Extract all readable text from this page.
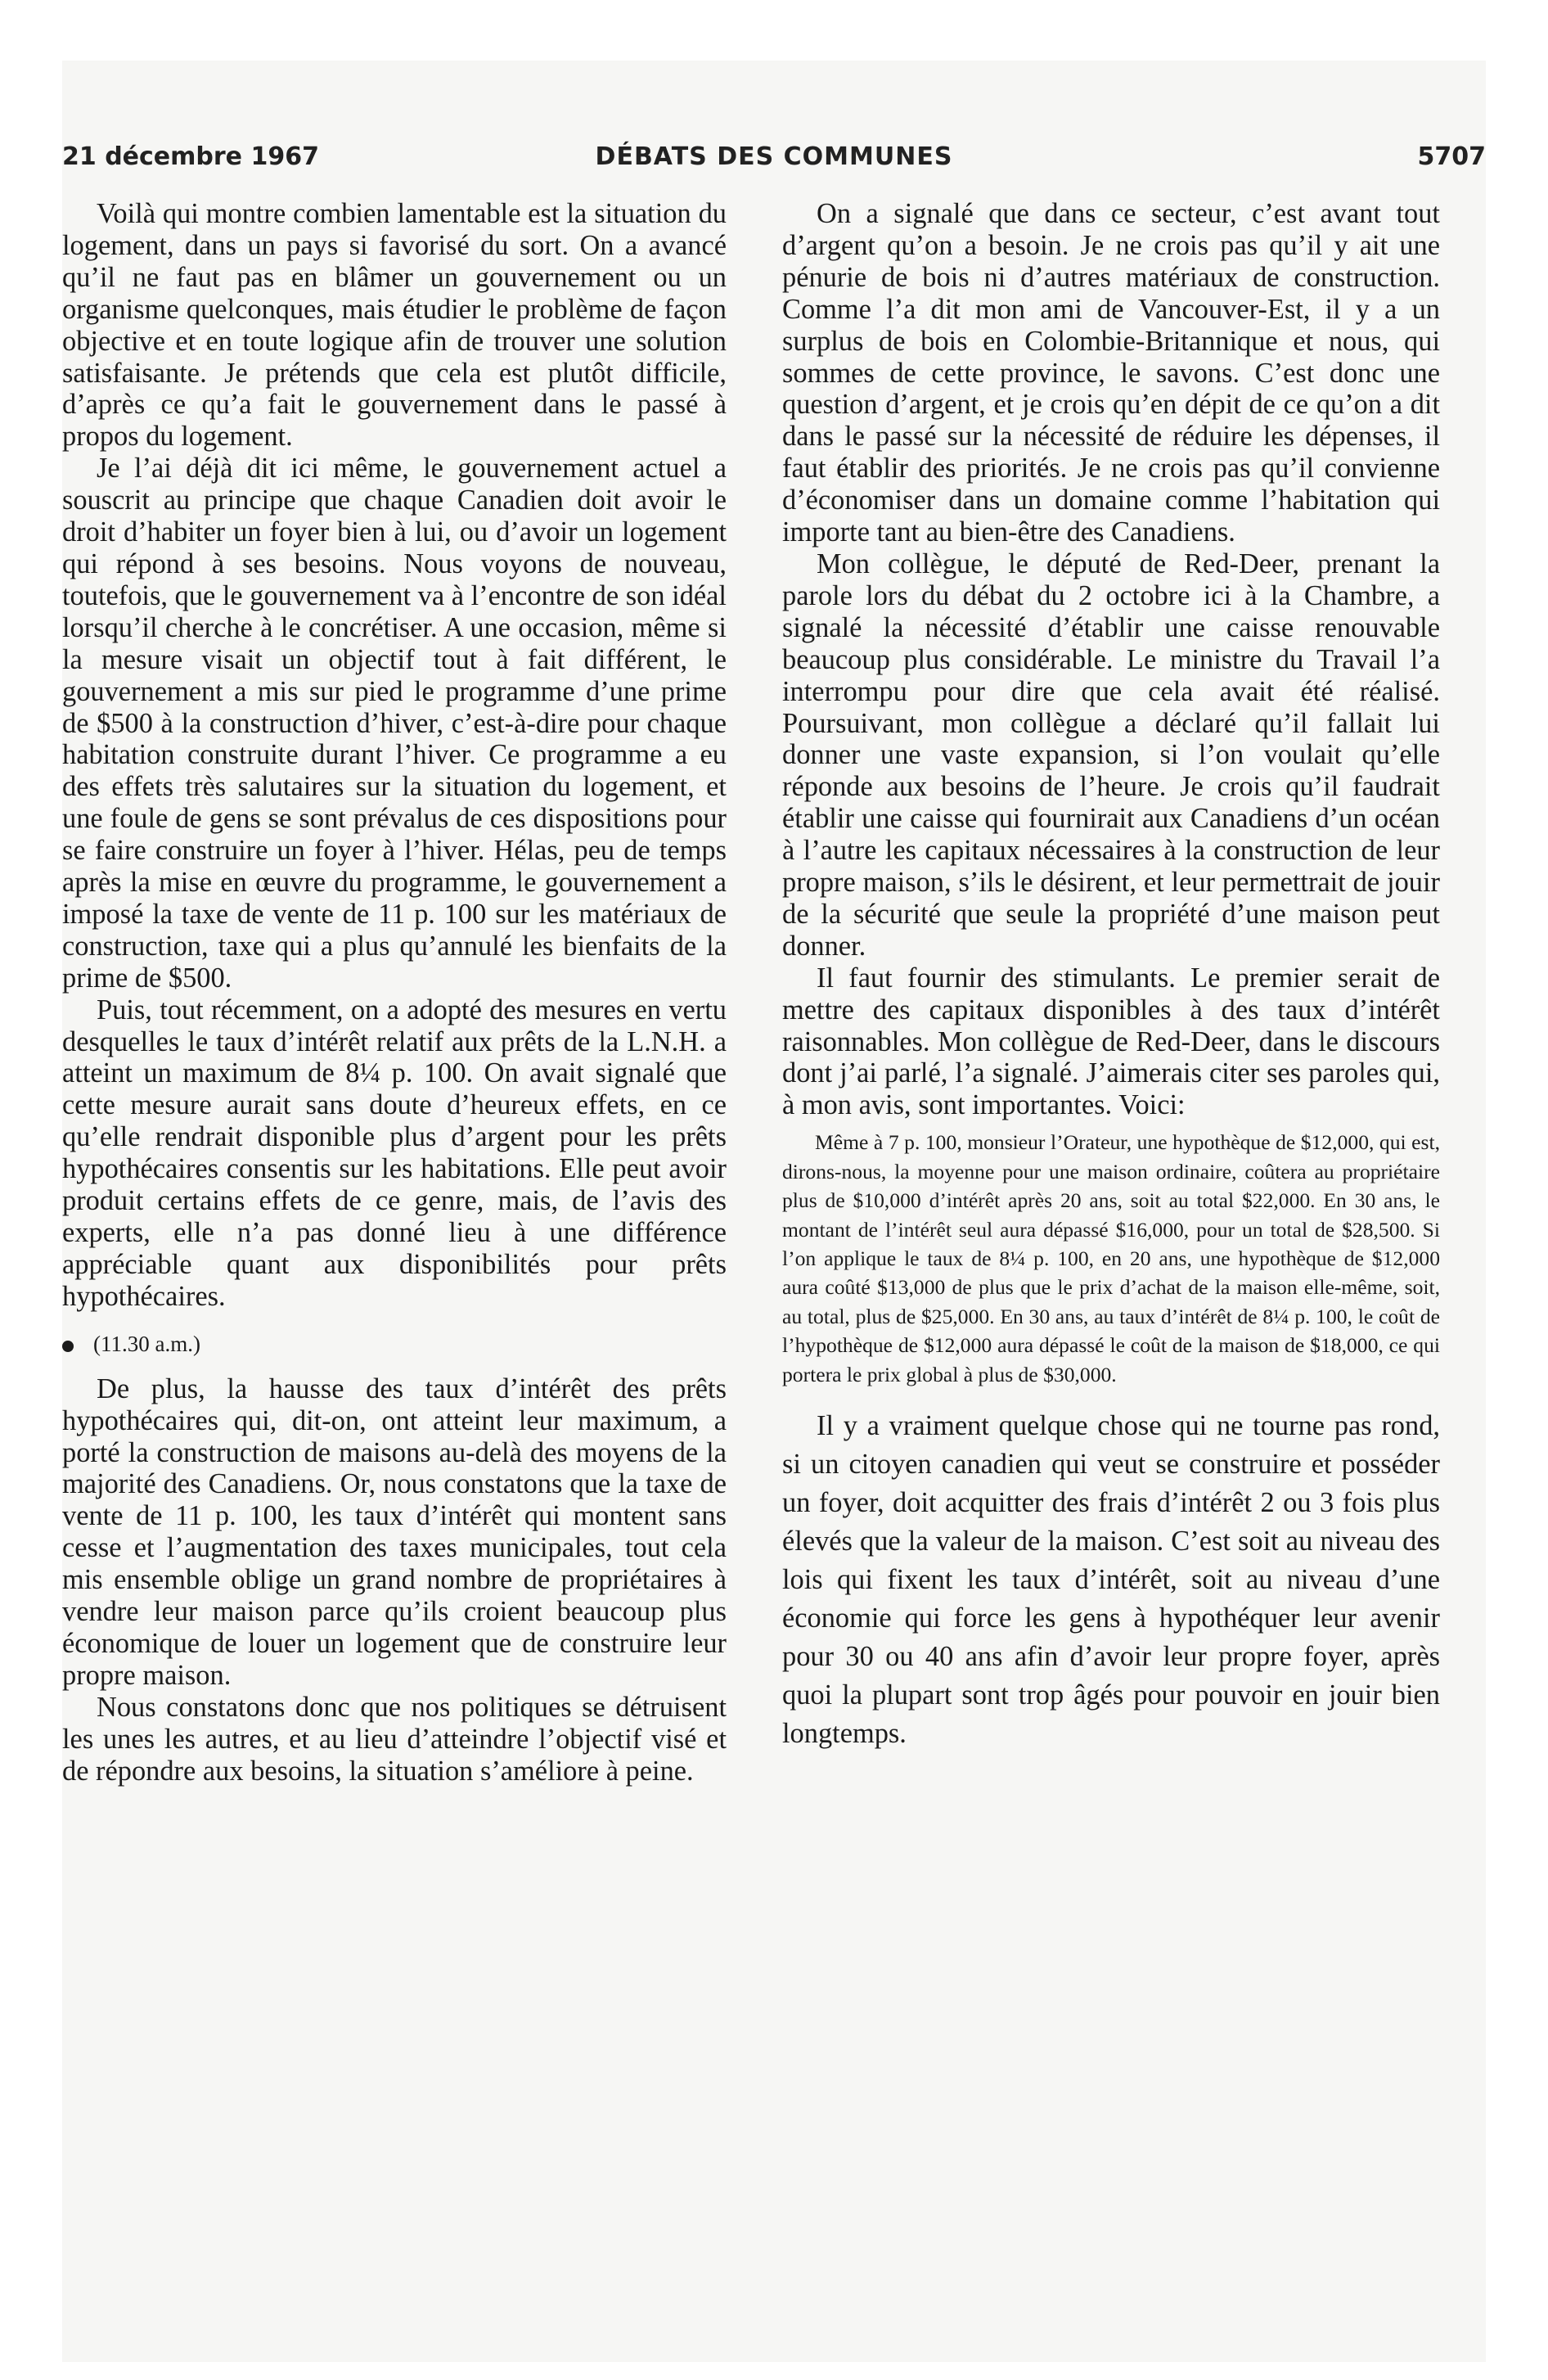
21 décembre 1967	DÉBATS DES COMMUNES	5707

Voilà qui montre combien lamentable est la situation du logement, dans un pays si favorisé du sort. On a avancé qu’il ne faut pas en blâmer un gouvernement ou un organisme quelconques, mais étudier le problème de façon objective et en toute logique afin de trouver une solution satisfaisante. Je prétends que cela est plutôt difficile, d’après ce qu’a fait le gouvernement dans le passé à propos du logement.

Je l’ai déjà dit ici même, le gouvernement actuel a souscrit au principe que chaque Canadien doit avoir le droit d’habiter un foyer bien à lui, ou d’avoir un logement qui répond à ses besoins. Nous voyons de nouveau, toutefois, que le gouvernement va à l’encontre de son idéal lorsqu’il cherche à le concrétiser. A une occasion, même si la mesure visait un objectif tout à fait différent, le gouvernement a mis sur pied le programme d’une prime de $500 à la construction d’hiver, c’est-à-dire pour chaque habitation construite durant l’hiver. Ce programme a eu des effets très salutaires sur la situation du logement, et une foule de gens se sont prévalus de ces dispositions pour se faire construire un foyer à l’hiver. Hélas, peu de temps après la mise en œuvre du programme, le gouvernement a imposé la taxe de vente de 11 p. 100 sur les matériaux de construction, taxe qui a plus qu’annulé les bienfaits de la prime de $500.

Puis, tout récemment, on a adopté des mesures en vertu desquelles le taux d’intérêt relatif aux prêts de la L.N.H. a atteint un maximum de 8¼ p. 100. On avait signalé que cette mesure aurait sans doute d’heureux effets, en ce qu’elle rendrait disponible plus d’argent pour les prêts hypothécaires consentis sur les habitations. Elle peut avoir produit certains effets de ce genre, mais, de l’avis des experts, elle n’a pas donné lieu à une différence appréciable quant aux disponibilités pour prêts hypothécaires.

(11.30 a.m.)

De plus, la hausse des taux d’intérêt des prêts hypothécaires qui, dit-on, ont atteint leur maximum, a porté la construction de maisons au-delà des moyens de la majorité des Canadiens. Or, nous constatons que la taxe de vente de 11 p. 100, les taux d’intérêt qui montent sans cesse et l’augmentation des taxes municipales, tout cela mis ensemble oblige un grand nombre de propriétaires à vendre leur maison parce qu’ils croient beaucoup plus économique de louer un logement que de construire leur propre maison.

Nous constatons donc que nos politiques se détruisent les unes les autres, et au lieu d’atteindre l’objectif visé et de répondre aux besoins, la situation s’améliore à peine.

On a signalé que dans ce secteur, c’est avant tout d’argent qu’on a besoin. Je ne crois pas qu’il y ait une pénurie de bois ni d’autres matériaux de construction. Comme l’a dit mon ami de Vancouver-Est, il y a un surplus de bois en Colombie-Britannique et nous, qui sommes de cette province, le savons. C’est donc une question d’argent, et je crois qu’en dépit de ce qu’on a dit dans le passé sur la nécessité de réduire les dépenses, il faut établir des priorités. Je ne crois pas qu’il convienne d’économiser dans un domaine comme l’habitation qui importe tant au bien-être des Canadiens.

Mon collègue, le député de Red-Deer, prenant la parole lors du débat du 2 octobre ici à la Chambre, a signalé la nécessité d’établir une caisse renouvable beaucoup plus considérable. Le ministre du Travail l’a interrompu pour dire que cela avait été réalisé. Poursuivant, mon collègue a déclaré qu’il fallait lui donner une vaste expansion, si l’on voulait qu’elle réponde aux besoins de l’heure. Je crois qu’il faudrait établir une caisse qui fournirait aux Canadiens d’un océan à l’autre les capitaux nécessaires à la construction de leur propre maison, s’ils le désirent, et leur permettrait de jouir de la sécurité que seule la propriété d’une maison peut donner.

Il faut fournir des stimulants. Le premier serait de mettre des capitaux disponibles à des taux d’intérêt raisonnables. Mon collègue de Red-Deer, dans le discours dont j’ai parlé, l’a signalé. J’aimerais citer ses paroles qui, à mon avis, sont importantes. Voici:

Même à 7 p. 100, monsieur l’Orateur, une hypothèque de $12,000, qui est, dirons-nous, la moyenne pour une maison ordinaire, coûtera au propriétaire plus de $10,000 d’intérêt après 20 ans, soit au total $22,000. En 30 ans, le montant de l’intérêt seul aura dépassé $16,000, pour un total de $28,500. Si l’on applique le taux de 8¼ p. 100, en 20 ans, une hypothèque de $12,000 aura coûté $13,000 de plus que le prix d’achat de la maison elle-même, soit, au total, plus de $25,000. En 30 ans, au taux d’intérêt de 8¼ p. 100, le coût de l’hypothèque de $12,000 aura dépassé le coût de la maison de $18,000, ce qui portera le prix global à plus de $30,000.

Il y a vraiment quelque chose qui ne tourne pas rond, si un citoyen canadien qui veut se construire et posséder un foyer, doit acquitter des frais d’intérêt 2 ou 3 fois plus élevés que la valeur de la maison. C’est soit au niveau des lois qui fixent les taux d’intérêt, soit au niveau d’une économie qui force les gens à hypothéquer leur avenir pour 30 ou 40 ans afin d’avoir leur propre foyer, après quoi la plupart sont trop âgés pour pouvoir en jouir bien longtemps.
